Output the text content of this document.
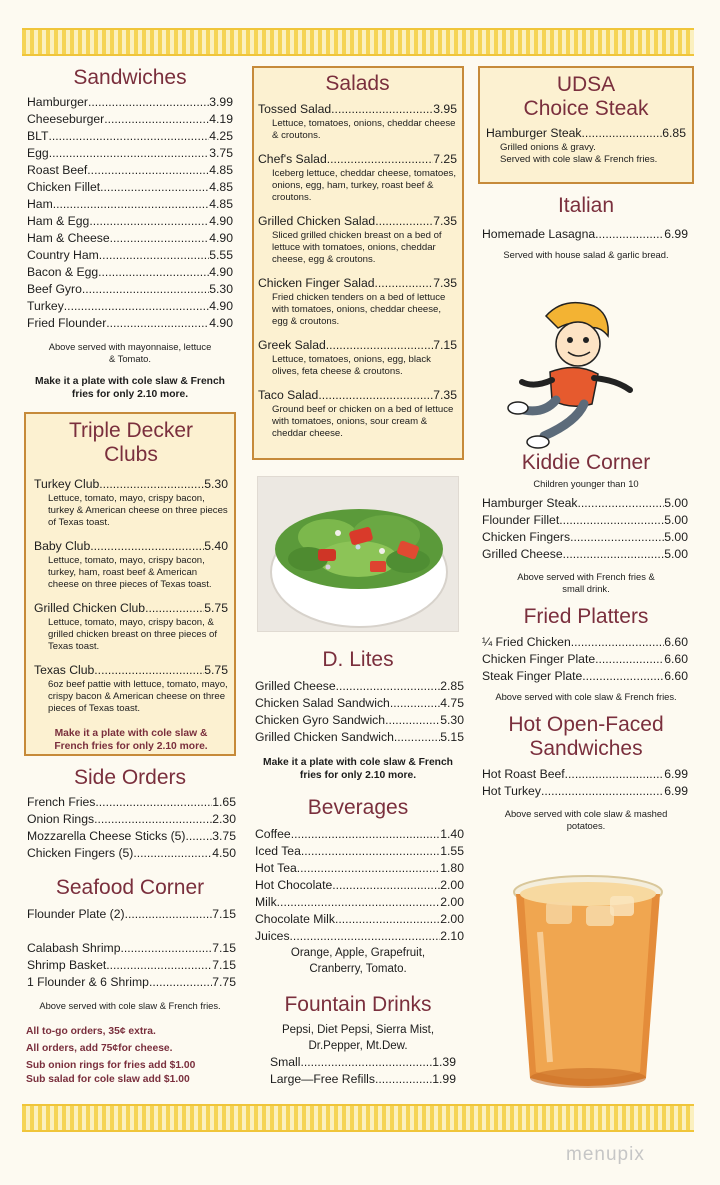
Sandwiches
Hamburger .....	3.99
Cheeseburger .....	4.19
BLT .....	4.25
Egg .....	3.75
Roast Beef .....	4.85
Chicken Fillet .....	4.85
Ham .....	4.85
Ham & Egg .....	4.90
Ham & Cheese .....	4.90
Country Ham .....	5.55
Bacon & Egg .....	4.90
Beef Gyro .....	5.30
Turkey .....	4.90
Fried Flounder .....	4.90
Above served with mayonnaise, lettuce & Tomato.
Make it a plate with cole slaw & French fries for only 2.10 more.
Triple Decker
Clubs
Turkey Club .....	5.30
Lettuce, tomato, mayo, crispy bacon, turkey & American cheese on three pieces of Texas toast.
Baby Club .....	5.40
Lettuce, tomato, mayo, crispy bacon, turkey, ham, roast beef & American cheese on three pieces of Texas toast.
Grilled Chicken Club .....	5.75
Lettuce, tomato, mayo, crispy bacon, & grilled chicken breast on three pieces of Texas toast.
Texas Club .....	5.75
6oz beef pattie with lettuce, tomato, mayo, crispy bacon & American cheese on three pieces of Texas toast.
Make it a plate with cole slaw & French fries for only 2.10 more.
Side Orders
French Fries .....	1.65
Onion Rings .....	2.30
Mozzarella Cheese Sticks (5) ..... 3.75
Chicken Fingers (5) .....	4.50
Seafood Corner
Flounder Plate (2) .....	7.15
Calabash Shrimp .....	7.15
Shrimp Basket .....	7.15
1 Flounder & 6 Shrimp .....	7.75
Above served with cole slaw & French fries.
All to-go orders, 35¢ extra.
All orders, add 75¢for cheese.
Sub onion rings for fries add $1.00
Sub salad for cole slaw add $1.00
Salads
Tossed Salad .....	3.95
Lettuce, tomatoes, onions, cheddar cheese & croutons.
Chef's Salad .....	7.25
Iceberg lettuce, cheddar cheese, tomatoes, onions, egg, ham, turkey, roast beef & croutons.
Grilled Chicken Salad .....	7.35
Sliced grilled chicken breast on a bed of lettuce with tomatoes, onions, cheddar cheese, egg & croutons.
Chicken Finger Salad .....	7.35
Fried chicken tenders on a bed of lettuce with tomatoes, onions, cheddar cheese, egg & croutons.
Greek Salad .....	7.15
Lettuce, tomatoes, onions, egg, black olives, feta cheese & croutons.
Taco Salad .....	7.35
Ground beef or chicken on a bed of lettuce with tomatoes, onions, sour cream & cheddar cheese.
D. Lites
Grilled Cheese .....	2.85
Chicken Salad Sandwich .....	4.75
Chicken Gyro Sandwich .....	5.30
Grilled Chicken Sandwich .....	5.15
Make it a plate with cole slaw & French fries for only 2.10 more.
Beverages
Coffee .....	1.40
Iced Tea .....	1.55
Hot Tea .....	1.80
Hot Chocolate .....	2.00
Milk .....	2.00
Chocolate Milk .....	2.00
Juices .....	2.10
Orange, Apple, Grapefruit, Cranberry, Tomato.
Fountain Drinks
Pepsi, Diet Pepsi, Sierra Mist, Dr.Pepper, Mt.Dew.
Small .....	1.39
Large—Free Refills .....	1.99
UDSA
Choice Steak
Hamburger Steak .....	6.85
Grilled onions & gravy.
Served with cole slaw & French fries.
Italian
Homemade Lasagna .....	6.99
Served with house salad & garlic bread.
Kiddie Corner
Children younger than 10
Hamburger Steak .....	5.00
Flounder Fillet .....	5.00
Chicken Fingers .....	5.00
Grilled Cheese .....	5.00
Above served with French fries & small drink.
Fried Platters
¼ Fried Chicken .....	6.60
Chicken Finger Plate .....	6.60
Steak Finger Plate .....	6.60
Above served with cole slaw & French fries.
Hot Open-Faced
Sandwiches
Hot Roast Beef .....	6.99
Hot Turkey .....	6.99
Above served with cole slaw & mashed potatoes.
menupix
